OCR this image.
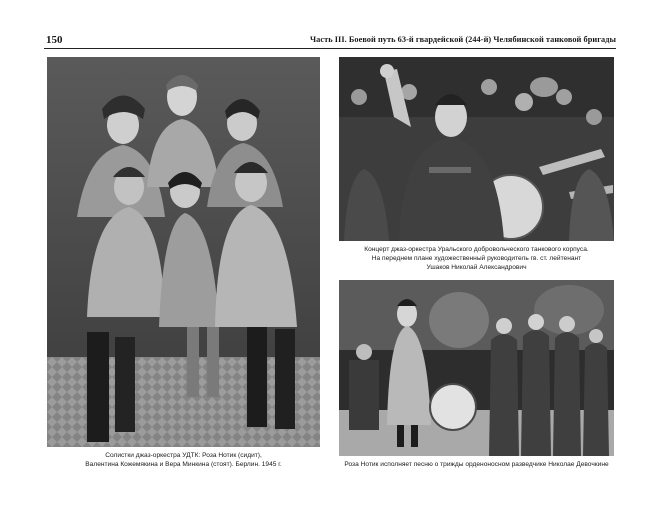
150	Часть III. Боевой путь 63-й гвардейской (244-й) Челябинской танковой бригады
Солистки джаз-оркестра УДТК: Роза Нотик (сидит),
Валентина Кожемякина и Вера Минкина (стоят). Берлин. 1945 г.
Концерт джаз-оркестра Уральского добровольческого танкового корпуса.
На переднем плане художественный руководитель гв. ст. лейтенант
Ушаков Николай Александрович
Роза Нотик исполняет песню о трижды орденоносном разведчике Николае Девочкине
